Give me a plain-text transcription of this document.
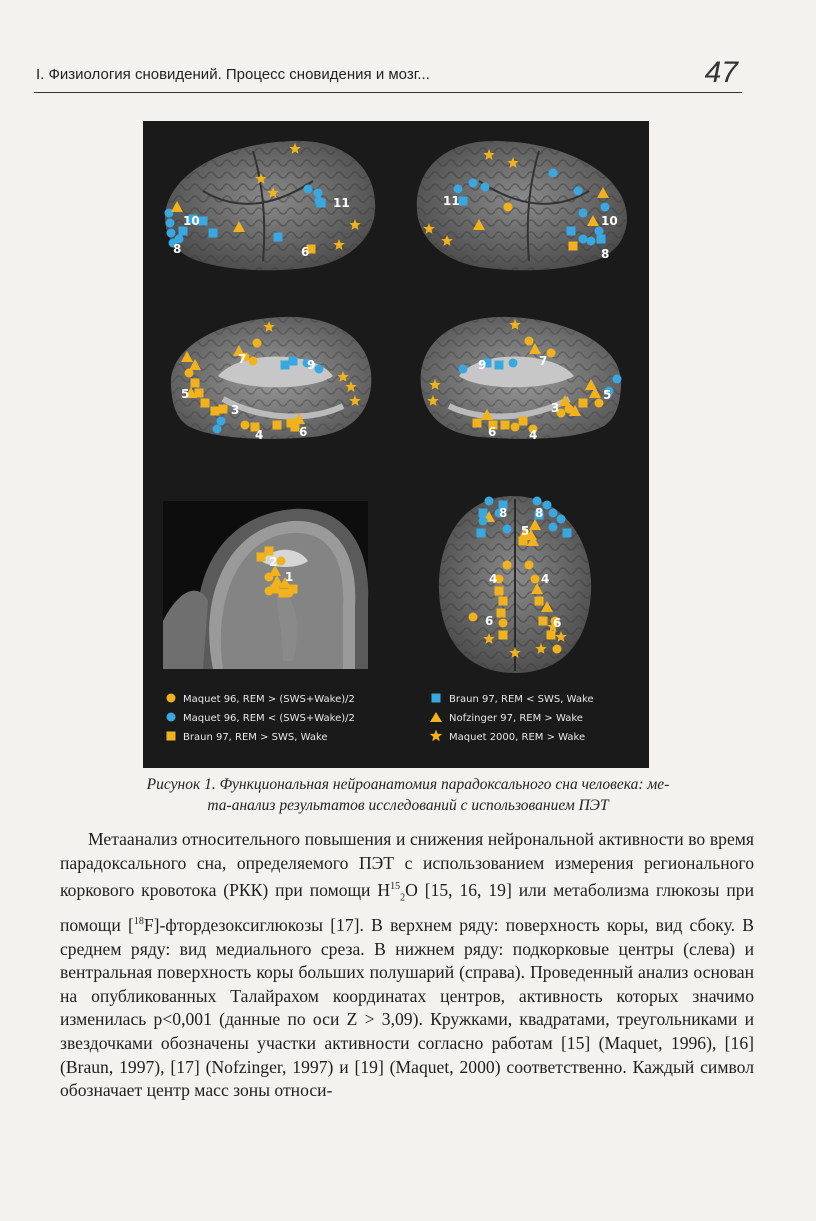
I. Физиология сновидений. Процесс сновидения и мозг...	47
10
8	6
11	11
10
8
7	9
5
3
4	6
9	7
5
3
6	4
2
1
8 8
5
4	4
6	6
Maquet 96, REM > (SWS+Wake)/2
Maquet 96, REM < (SWS+Wake)/2
Braun 97, REM > SWS, Wake
Braun 97, REM < SWS, Wake
Nofzinger 97, REM > Wake
Maquet 2000, REM > Wake
Рисунок 1. Функциональная нейроанатомия парадоксального сна человека: ме-
та-анализ результатов исследований с использованием ПЭТ

Метаанализ относительного повышения и снижения нейрональной активности во время парадоксального сна, определяемого ПЭТ с использованием измерения регионального коркового кровотока (РКК) при помощи $H^{15}_2O$ [15, 16, 19] или метаболизма глюкозы при помощи [$^{18}$F]-фтордезоксиглюкозы [17]. В верхнем ряду: поверхность коры, вид сбоку. В среднем ряду: вид медиального среза. В нижнем ряду: подкорковые центры (слева) и вентральная поверхность коры больших полушарий (справа). Проведенный анализ основан на опубликованных Талайрахом координатах центров, активность которых значимо изменилась p<0,001 (данные по оси Z > 3,09). Кружками, квадратами, треугольниками и звездочками обозначены участки активности согласно работам [15] (Maquet, 1996), [16] (Braun, 1997), [17] (Nofzinger, 1997) и [19] (Maquet, 2000) соответственно. Каждый символ обозначает центр масс зоны относи-
